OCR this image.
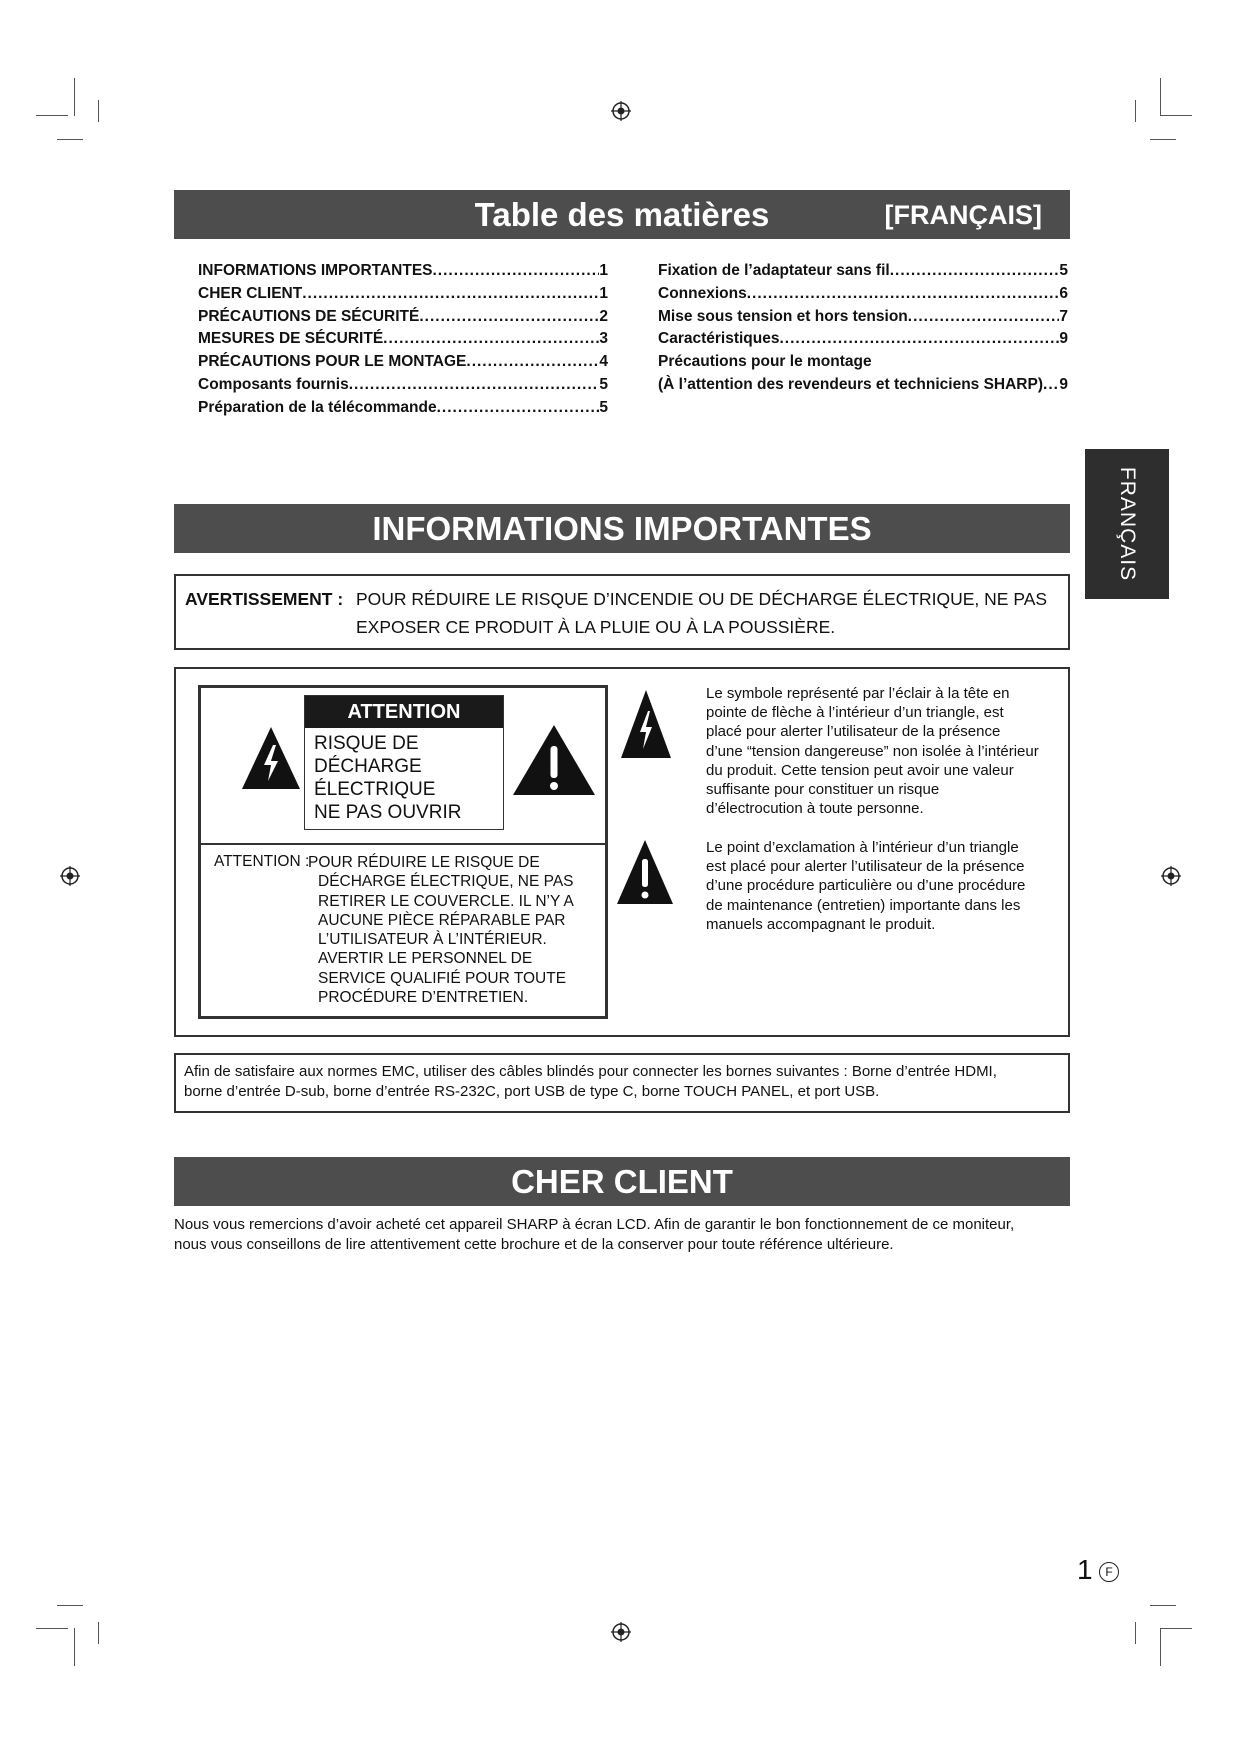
Table des matières	[FRANÇAIS]
INFORMATIONS IMPORTANTES .....	1
CHER CLIENT .....	1
PRÉCAUTIONS DE SÉCURITÉ .....	2
MESURES DE SÉCURITÉ .....	3
PRÉCAUTIONS POUR LE MONTAGE .....	4
Composants fournis .....	5
Préparation de la télécommande .....	5
Fixation de l’adaptateur sans fil .....	5
Connexions .....	6
Mise sous tension et hors tension .....	7
Caractéristiques .....	9
Précautions pour le montage
(À l’attention des revendeurs et techniciens SHARP) ..... 9
FRANÇAIS
INFORMATIONS IMPORTANTES
AVERTISSEMENT : POUR RÉDUIRE LE RISQUE D’INCENDIE OU DE DÉCHARGE ÉLECTRIQUE, NE PAS
EXPOSER CE PRODUIT À LA PLUIE OU À LA POUSSIÈRE.
ATTENTION
RISQUE DE
DÉCHARGE
ÉLECTRIQUE
NE PAS OUVRIR
ATTENTION :
POUR RÉDUIRE LE RISQUE DE
DÉCHARGE ÉLECTRIQUE, NE PAS
RETIRER LE COUVERCLE. IL N’Y A
AUCUNE PIÈCE RÉPARABLE PAR
L’UTILISATEUR À L’INTÉRIEUR.
AVERTIR LE PERSONNEL DE
SERVICE QUALIFIÉ POUR TOUTE
PROCÉDURE D’ENTRETIEN.
Le symbole représenté par l’éclair à la tête en
pointe de flèche à l’intérieur d’un triangle, est
placé pour alerter l’utilisateur de la présence
d’une “tension dangereuse” non isolée à l’intérieur
du produit. Cette tension peut avoir une valeur
suffisante pour constituer un risque
d’électrocution à toute personne.
Le point d’exclamation à l’intérieur d’un triangle
est placé pour alerter l’utilisateur de la présence
d’une procédure particulière ou d’une procédure
de maintenance (entretien) importante dans les
manuels accompagnant le produit.
Afin de satisfaire aux normes EMC, utiliser des câbles blindés pour connecter les bornes suivantes : Borne d’entrée HDMI,
borne d’entrée D-sub, borne d’entrée RS-232C, port USB de type C, borne TOUCH PANEL, et port USB.
CHER CLIENT
Nous vous remercions d’avoir acheté cet appareil SHARP à écran LCD. Afin de garantir le bon fonctionnement de ce moniteur,
nous vous conseillons de lire attentivement cette brochure et de la conserver pour toute référence ultérieure.
1	F
